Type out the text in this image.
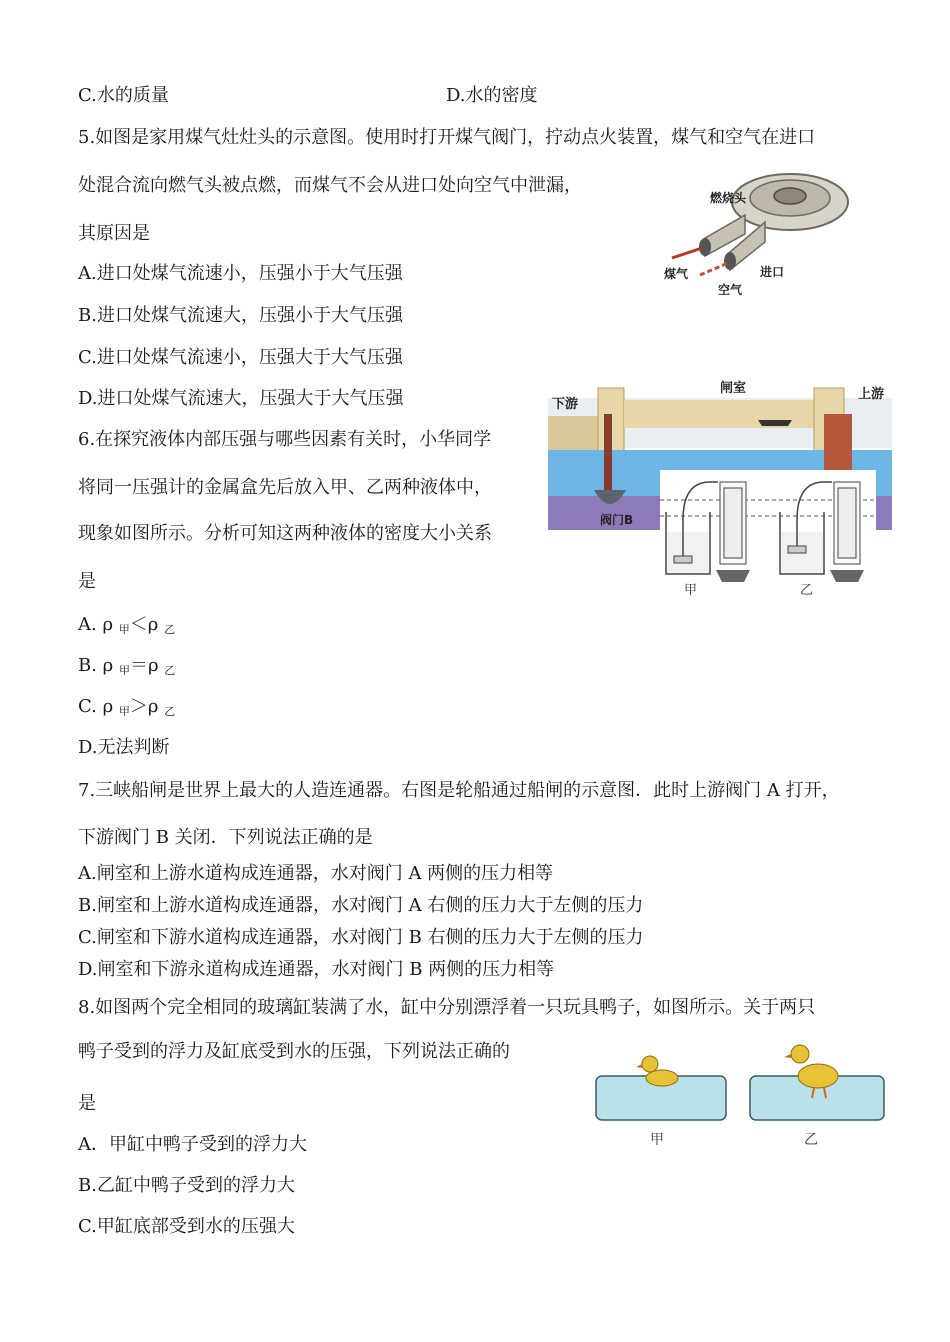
C.水的质量	D.水的密度
5.如图是家用煤气灶灶头的示意图。使用时打开煤气阀门，拧动点火装置，煤气和空气在进口
处混合流向燃气头被点燃，而煤气不会从进口处向空气中泄漏，
其原因是
A.进口处煤气流速小，压强小于大气压强
B.进口处煤气流速大，压强小于大气压强
C.进口处煤气流速小，压强大于大气压强
D.进口处煤气流速大，压强大于大气压强
燃烧头
煤气	进口
空气
下游
闸室	上游
阀门B
甲	乙
6.在探究液体内部压强与哪些因素有关时，小华同学
将同一压强计的金属盒先后放入甲、乙两种液体中，
现象如图所示。分析可知这两种液体的密度大小关系
是
A. ρ $_甲$＜ρ $_乙$
B. ρ $_甲$＝ρ $_乙$
C. ρ $_甲$＞ρ $_乙$
D.无法判断
7.三峡船闸是世界上最大的人造连通器。右图是轮船通过船闸的示意图．此时上游阀门 A 打开，
下游阀门 B 关闭．下列说法正确的是
A.闸室和上游水道构成连通器，水对阀门 A 两侧的压力相等
B.闸室和上游水道构成连通器，水对阀门 A 右侧的压力大于左侧的压力
C.闸室和下游水道构成连通器，水对阀门 B 右侧的压力大于左侧的压力
D.闸室和下游永道构成连通器，水对阀门 B 两侧的压力相等
8.如图两个完全相同的玻璃缸装满了水，缸中分别漂浮着一只玩具鸭子，如图所示。关于两只
鸭子受到的浮力及缸底受到水的压强，下列说法正确的
是
A．甲缸中鸭子受到的浮力大
B.乙缸中鸭子受到的浮力大
C.甲缸底部受到水的压强大
甲	乙
